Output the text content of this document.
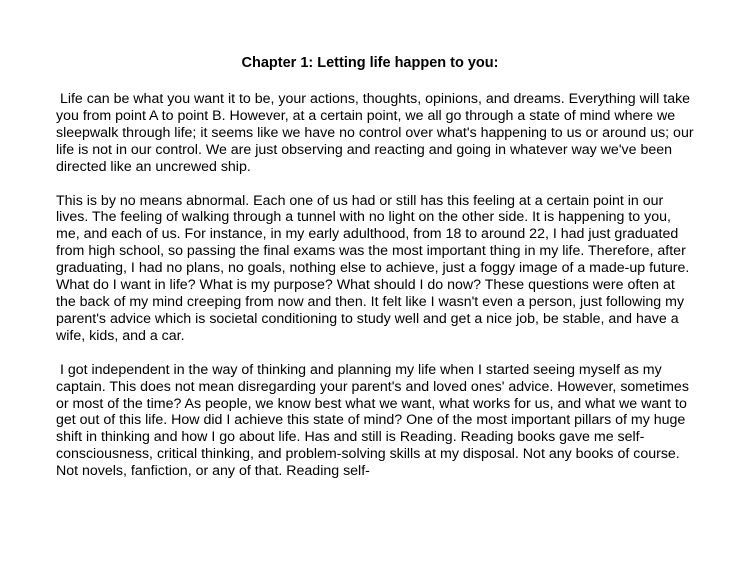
Chapter 1: Letting life happen to you:

Life can be what you want it to be, your actions, thoughts, opinions, and dreams. Everything will take you from point A to point B. However, at a certain point, we all go through a state of mind where we sleepwalk through life; it seems like we have no control over what's happening to us or around us; our life is not in our control. We are just observing and reacting and going in whatever way we've been directed like an uncrewed ship.

This is by no means abnormal. Each one of us had or still has this feeling at a certain point in our lives. The feeling of walking through a tunnel with no light on the other side. It is happening to you, me, and each of us. For instance, in my early adulthood, from 18 to around 22, I had just graduated from high school, so passing the final exams was the most important thing in my life. Therefore, after graduating, I had no plans, no goals, nothing else to achieve, just a foggy image of a made-up future. What do I want in life? What is my purpose? What should I do now? These questions were often at the back of my mind creeping from now and then. It felt like I wasn't even a person, just following my parent's advice which is societal conditioning to study well and get a nice job, be stable, and have a wife, kids, and a car.

I got independent in the way of thinking and planning my life when I started seeing myself as my captain. This does not mean disregarding your parent's and loved ones' advice. However, sometimes or most of the time? As people, we know best what we want, what works for us, and what we want to get out of this life. How did I achieve this state of mind? One of the most important pillars of my huge shift in thinking and how I go about life. Has and still is Reading. Reading books gave me self-consciousness, critical thinking, and problem-solving skills at my disposal. Not any books of course. Not novels, fanfiction, or any of that. Reading self-
